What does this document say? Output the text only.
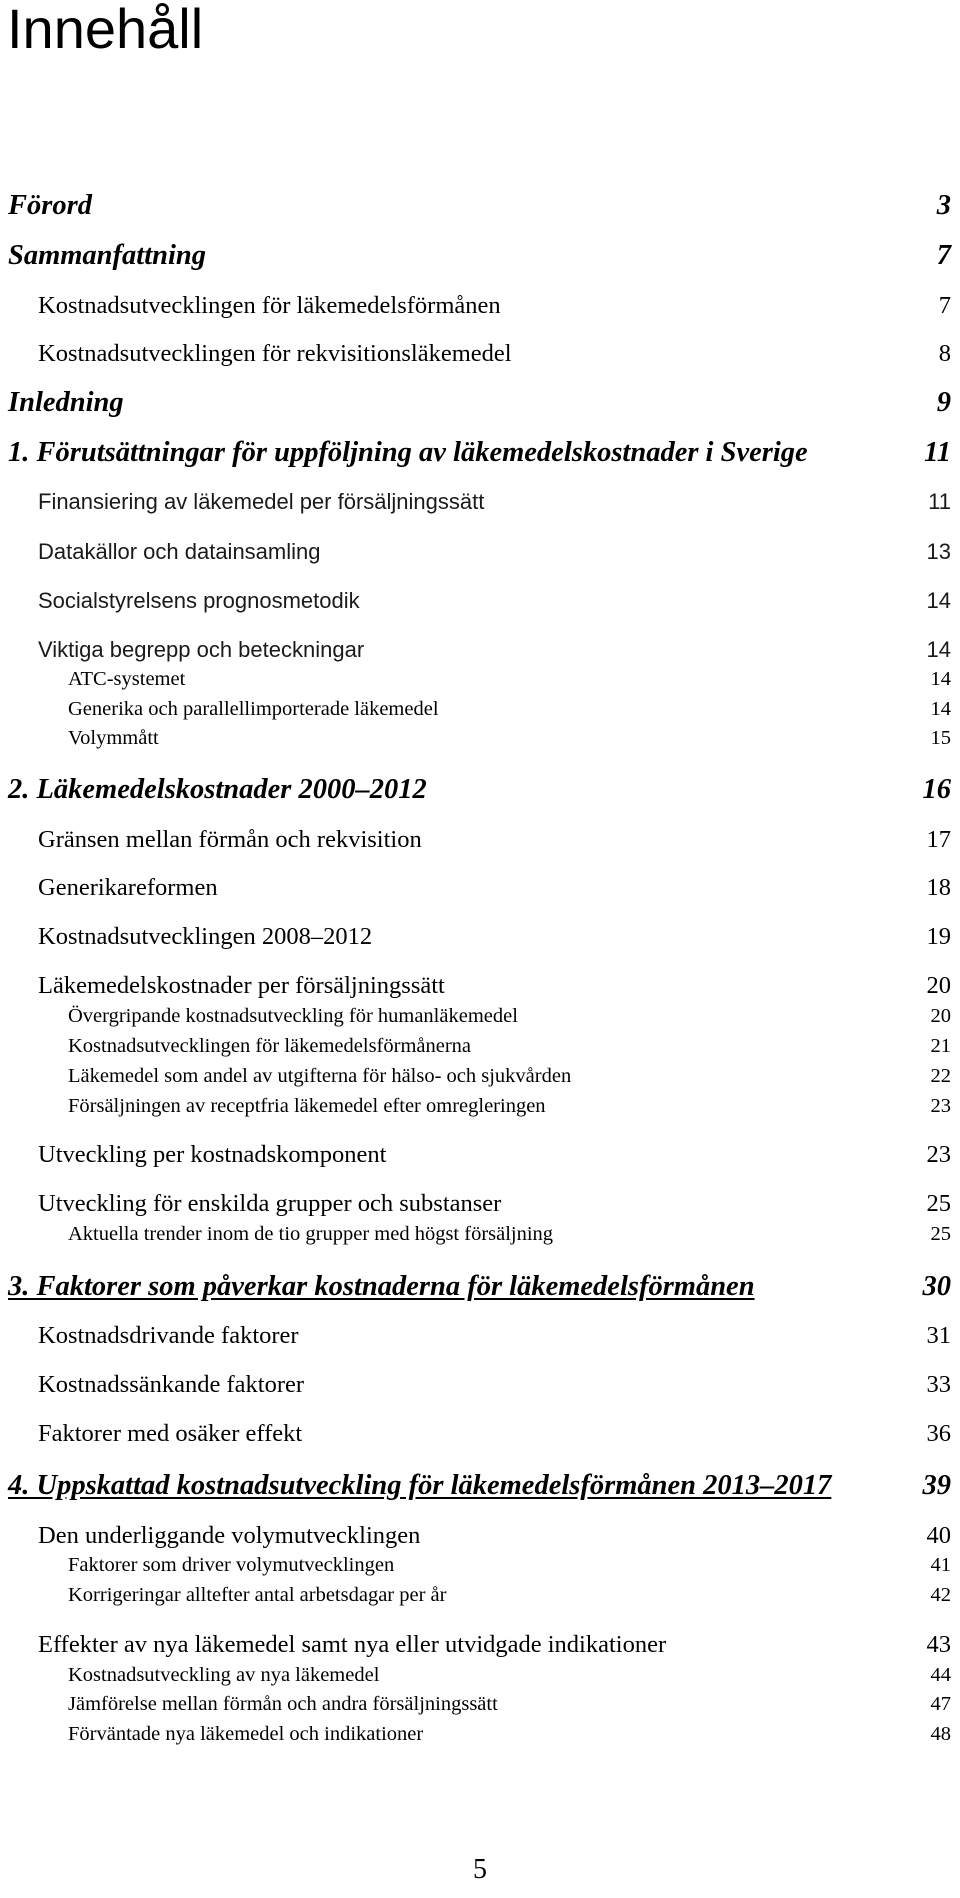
Innehåll
Förord	3
Sammanfattning	7
Kostnadsutvecklingen för läkemedelsförmånen	7
Kostnadsutvecklingen för rekvisitionsläkemedel	8
Inledning	9
1. Förutsättningar för uppföljning av läkemedelskostnader i Sverige	11
Finansiering av läkemedel per försäljningssätt	11
Datakällor och datainsamling	13
Socialstyrelsens prognosmetodik	14
Viktiga begrepp och beteckningar	14
ATC-systemet	14
Generika och parallellimporterade läkemedel	14
Volymmått	15
2. Läkemedelskostnader 2000–2012	16
Gränsen mellan förmån och rekvisition	17
Generikareformen	18
Kostnadsutvecklingen 2008–2012	19
Läkemedelskostnader per försäljningssätt	20
Övergripande kostnadsutveckling för humanläkemedel	20
Kostnadsutvecklingen för läkemedelsförmånerna	21
Läkemedel som andel av utgifterna för hälso- och sjukvården	22
Försäljningen av receptfria läkemedel efter omregleringen	23
Utveckling per kostnadskomponent	23
Utveckling för enskilda grupper och substanser	25
Aktuella trender inom de tio grupper med högst försäljning	25
3. Faktorer som påverkar kostnaderna för läkemedelsförmånen	30
Kostnadsdrivande faktorer	31
Kostnadssänkande faktorer	33
Faktorer med osäker effekt	36
4. Uppskattad kostnadsutveckling för läkemedelsförmånen 2013–2017	39
Den underliggande volymutvecklingen	40
Faktorer som driver volymutvecklingen	41
Korrigeringar alltefter antal arbetsdagar per år	42
Effekter av nya läkemedel samt nya eller utvidgade indikationer	43
Kostnadsutveckling av nya läkemedel	44
Jämförelse mellan förmån och andra försäljningssätt	47
Förväntade nya läkemedel och indikationer	48
5
